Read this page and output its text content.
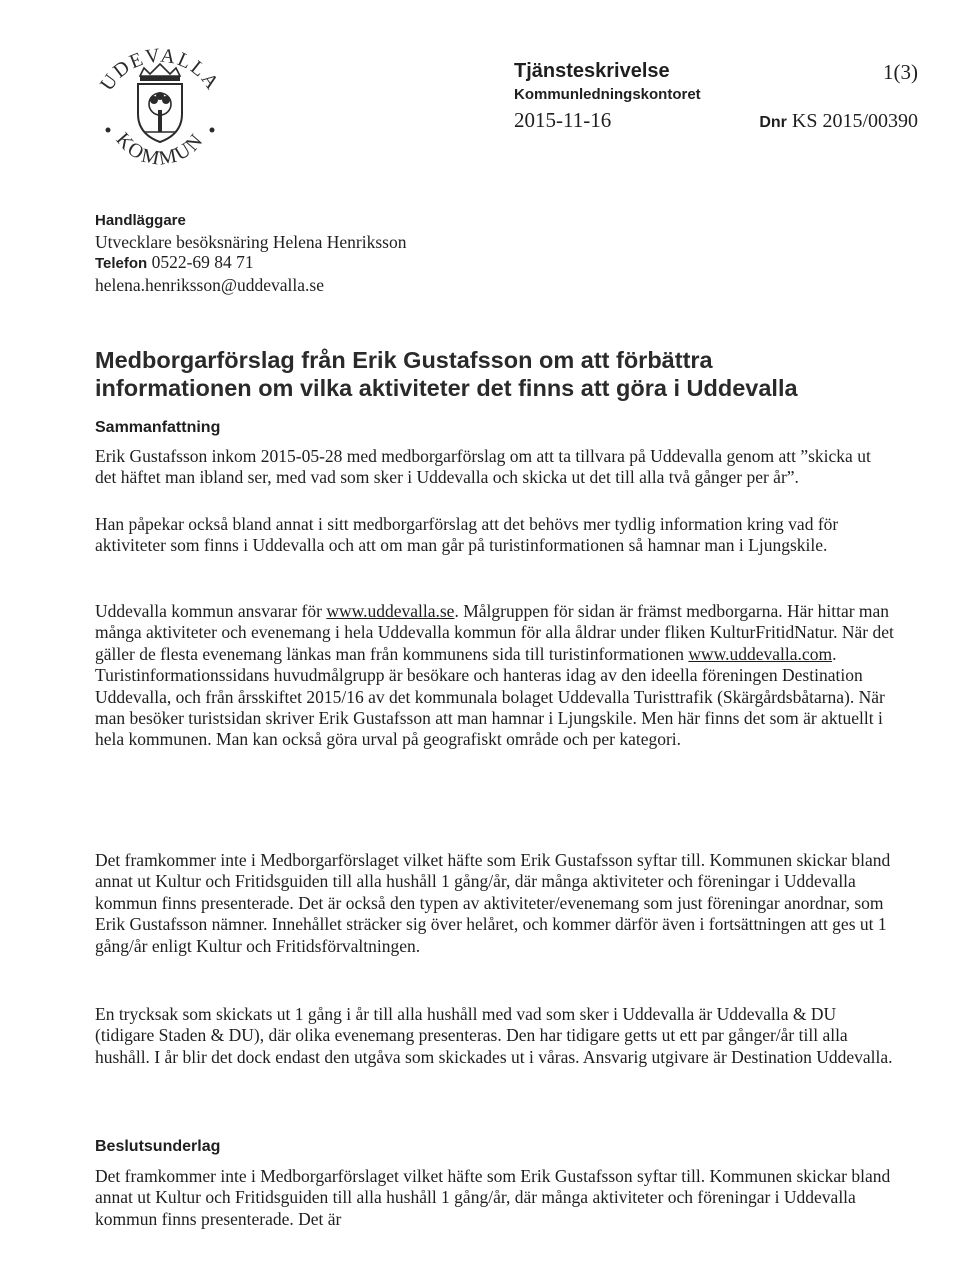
UDEVALLA
KOMMUN
Tjänsteskrivelse	1(3)
Kommunledningskontoret
2015-11-16	Dnr KS 2015/00390
Handläggare
Utvecklare besöksnäring Helena Henriksson
Telefon 0522-69 84 71
helena.henriksson@uddevalla.se
Medborgarförslag från Erik Gustafsson om att förbättra
informationen om vilka aktiviteter det finns att göra i Uddevalla
Sammanfattning

Erik Gustafsson inkom 2015-05-28 med medborgarförslag om att ta tillvara på Uddevalla genom att ”skicka ut det häftet man ibland ser, med vad som sker i Uddevalla och skicka ut det till alla två gånger per år”.

Han påpekar också bland annat i sitt medborgarförslag att det behövs mer tydlig information kring vad för aktiviteter som finns i Uddevalla och att om man går på turistinformationen så hamnar man i Ljungskile.

Uddevalla kommun ansvarar för www.uddevalla.se. Målgruppen för sidan är främst medborgarna. Här hittar man många aktiviteter och evenemang i hela Uddevalla kommun för alla åldrar under fliken KulturFritidNatur. När det gäller de flesta evenemang länkas man från kommunens sida till turistinformationen www.uddevalla.com. Turistinformationssidans huvudmålgrupp är besökare och hanteras idag av den ideella föreningen Destination Uddevalla, och från årsskiftet 2015/16 av det kommunala bolaget Uddevalla Turisttrafik (Skärgårdsbåtarna). När man besöker turistsidan skriver Erik Gustafsson att man hamnar i Ljungskile. Men här finns det som är aktuellt i hela kommunen. Man kan också göra urval på geografiskt område och per kategori.

Det framkommer inte i Medborgarförslaget vilket häfte som Erik Gustafsson syftar till. Kommunen skickar bland annat ut Kultur och Fritidsguiden till alla hushåll 1 gång/år, där många aktiviteter och föreningar i Uddevalla kommun finns presenterade. Det är också den typen av aktiviteter/evenemang som just föreningar anordnar, som Erik Gustafsson nämner. Innehållet sträcker sig över helåret, och kommer därför även i fortsättningen att ges ut 1 gång/år enligt Kultur och Fritidsförvaltningen.

En trycksak som skickats ut 1 gång i år till alla hushåll med vad som sker i Uddevalla är Uddevalla & DU (tidigare Staden & DU), där olika evenemang presenteras. Den har tidigare getts ut ett par gånger/år till alla hushåll. I år blir det dock endast den utgåva som skickades ut i våras. Ansvarig utgivare är Destination Uddevalla.

Beslutsunderlag

Det framkommer inte i Medborgarförslaget vilket häfte som Erik Gustafsson syftar till. Kommunen skickar bland annat ut Kultur och Fritidsguiden till alla hushåll 1 gång/år, där många aktiviteter och föreningar i Uddevalla kommun finns presenterade. Det är
